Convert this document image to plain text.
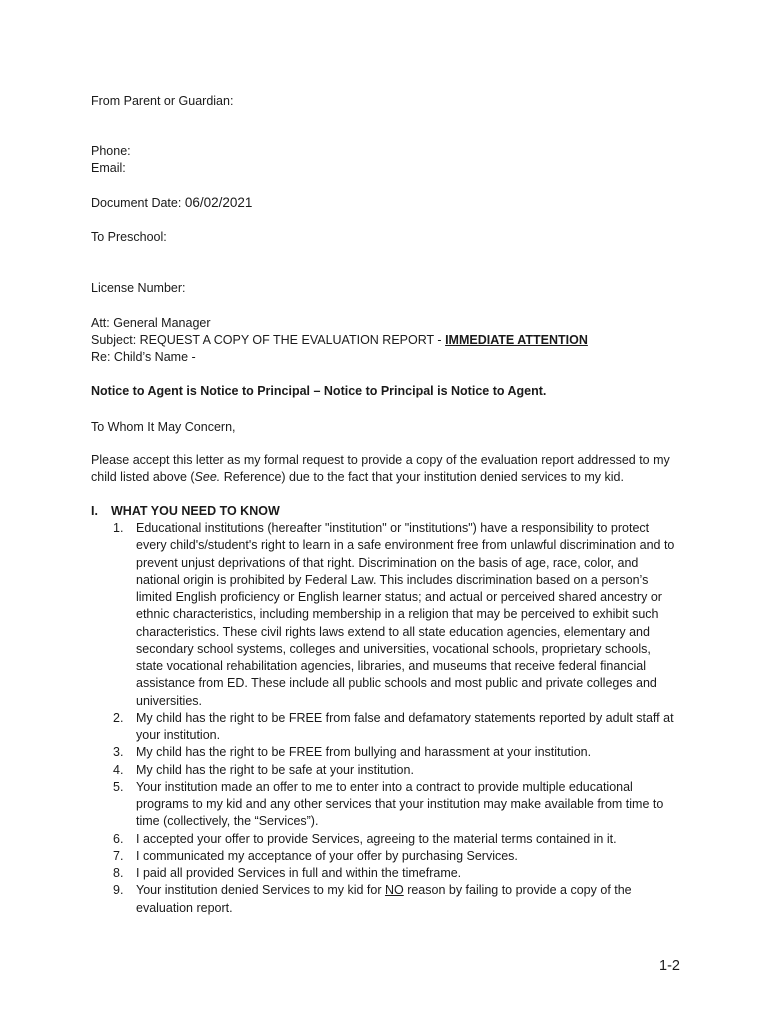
From Parent or Guardian:
Phone:
Email:
Document Date: 06/02/2021
To Preschool:
License Number:
Att: General Manager
Subject: REQUEST A COPY OF THE EVALUATION REPORT - IMMEDIATE ATTENTION
Re: Child’s Name -
Notice to Agent is Notice to Principal – Notice to Principal is Notice to Agent.
To Whom It May Concern,
Please accept this letter as my formal request to provide a copy of the evaluation report addressed to my
child listed above (See. Reference) due to the fact that your institution denied services to my kid.
I. WHAT YOU NEED TO KNOW
1. Educational institutions (hereafter "institution" or "institutions") have a responsibility to protect
every child's/student's right to learn in a safe environment free from unlawful discrimination and to
prevent unjust deprivations of that right. Discrimination on the basis of age, race, color, and
national origin is prohibited by Federal Law. This includes discrimination based on a person’s
limited English proficiency or English learner status; and actual or perceived shared ancestry or
ethnic characteristics, including membership in a religion that may be perceived to exhibit such
characteristics. These civil rights laws extend to all state education agencies, elementary and
secondary school systems, colleges and universities, vocational schools, proprietary schools,
state vocational rehabilitation agencies, libraries, and museums that receive federal financial
assistance from ED. These include all public schools and most public and private colleges and
universities.
2. My child has the right to be FREE from false and defamatory statements reported by adult staff at
your institution.
3. My child has the right to be FREE from bullying and harassment at your institution.
4. My child has the right to be safe at your institution.
5. Your institution made an offer to me to enter into a contract to provide multiple educational
programs to my kid and any other services that your institution may make available from time to
time (collectively, the “Services”).
6. I accepted your offer to provide Services, agreeing to the material terms contained in it.
7. I communicated my acceptance of your offer by purchasing Services.
8. I paid all provided Services in full and within the timeframe.
9. Your institution denied Services to my kid for NO reason by failing to provide a copy of the
evaluation report.
1-2
